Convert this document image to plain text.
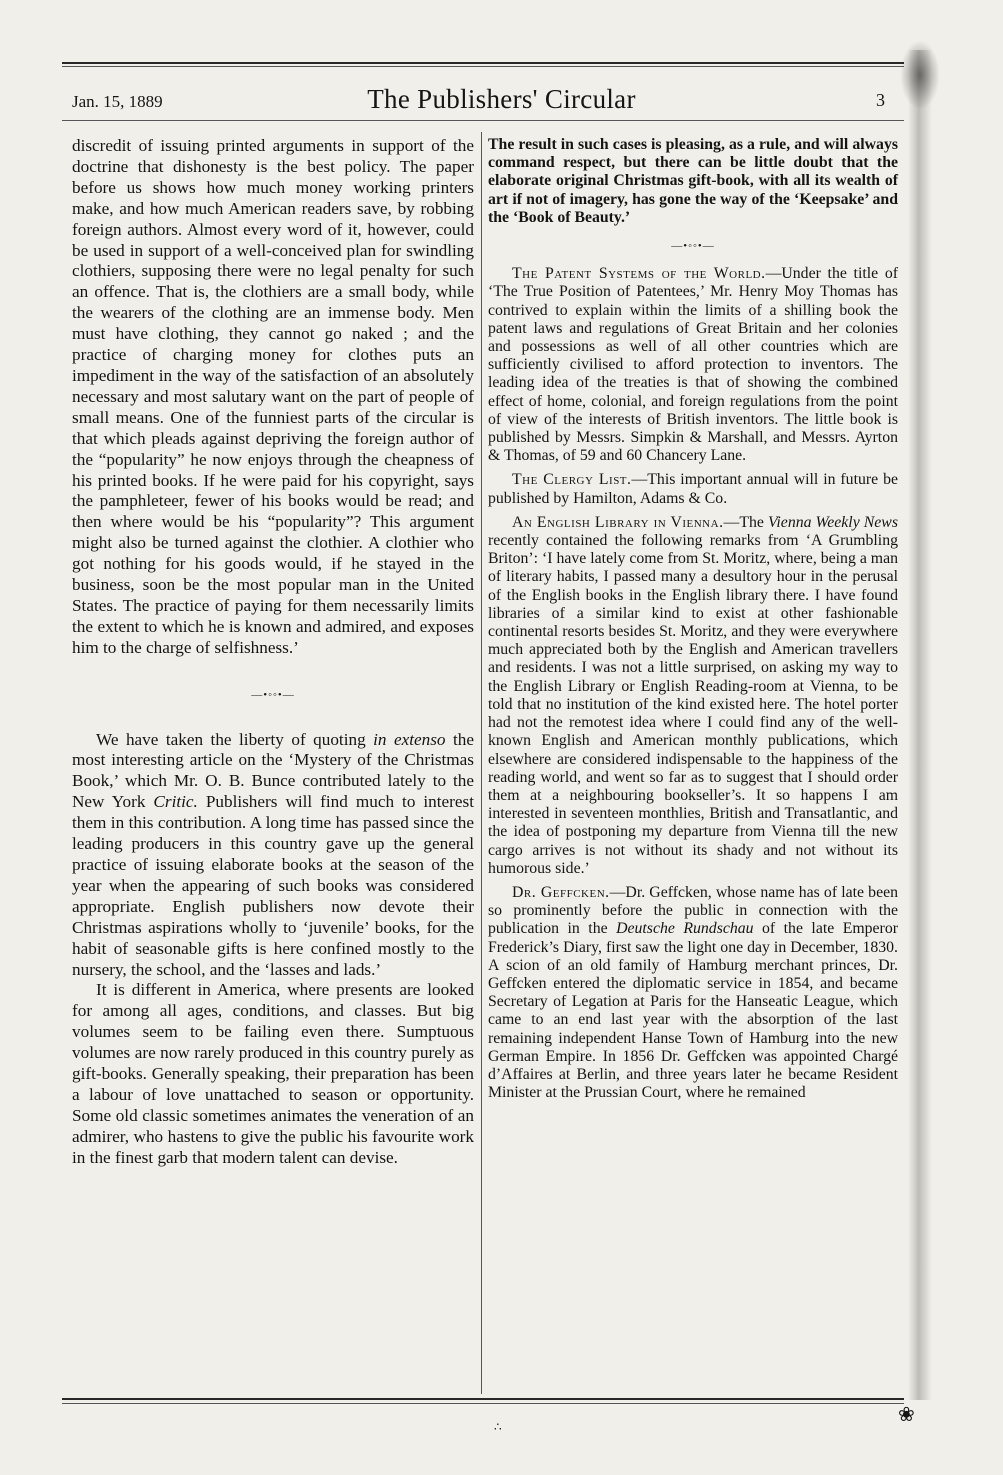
Jan. 15, 1889	The Publishers' Circular	3

discredit of issuing printed arguments in support of the doctrine that dishonesty is the best policy. The paper before us shows how much money working printers make, and how much American readers save, by robbing foreign authors. Almost every word of it, however, could be used in support of a well-conceived plan for swindling clothiers, supposing there were no legal penalty for such an offence. That is, the clothiers are a small body, while the wearers of the clothing are an immense body. Men must have clothing, they cannot go naked ; and the practice of charging money for clothes puts an impediment in the way of the satisfaction of an absolutely necessary and most salutary want on the part of people of small means. One of the funniest parts of the circular is that which pleads against depriving the foreign author of the “popularity” he now enjoys through the cheapness of his printed books. If he were paid for his copyright, says the pamphleteer, fewer of his books would be read; and then where would be his “popularity”? This argument might also be turned against the clothier. A clothier who got nothing for his goods would, if he stayed in the business, soon be the most popular man in the United States. The practice of paying for them necessarily limits the extent to which he is known and admired, and exposes him to the charge of selfishness.’

—•◦◦•—

We have taken the liberty of quoting in extenso the most interesting article on the ‘Mystery of the Christmas Book,’ which Mr. O. B. Bunce contributed lately to the New York Critic. Publishers will find much to interest them in this contribution. A long time has passed since the leading producers in this country gave up the general practice of issuing elaborate books at the season of the year when the appearing of such books was considered appropriate. English publishers now devote their Christmas aspirations wholly to ‘juvenile’ books, for the habit of seasonable gifts is here confined mostly to the nursery, the school, and the ‘lasses and lads.’

It is different in America, where presents are looked for among all ages, conditions, and classes. But big volumes seem to be failing even there. Sumptuous volumes are now rarely produced in this country purely as gift-books. Generally speaking, their preparation has been a labour of love unattached to season or opportunity. Some old classic sometimes animates the veneration of an admirer, who hastens to give the public his favourite work in the finest garb that modern talent can devise.

The result in such cases is pleasing, as a rule, and will always command respect, but there can be little doubt that the elaborate original Christmas gift-book, with all its wealth of art if not of imagery, has gone the way of the ‘Keepsake’ and the ‘Book of Beauty.’

—•◦◦•—

The Patent Systems of the World.—Under the title of ‘The True Position of Patentees,’ Mr. Henry Moy Thomas has contrived to explain within the limits of a shilling book the patent laws and regulations of Great Britain and her colonies and possessions as well of all other countries which are sufficiently civilised to afford protection to inventors. The leading idea of the treaties is that of showing the combined effect of home, colonial, and foreign regulations from the point of view of the interests of British inventors. The little book is published by Messrs. Simpkin & Marshall, and Messrs. Ayrton & Thomas, of 59 and 60 Chancery Lane.

The Clergy List.—This important annual will in future be published by Hamilton, Adams & Co.

An English Library in Vienna.—The Vienna Weekly News recently contained the following remarks from ‘A Grumbling Briton’: ‘I have lately come from St. Moritz, where, being a man of literary habits, I passed many a desultory hour in the perusal of the English books in the English library there. I have found libraries of a similar kind to exist at other fashionable continental resorts besides St. Moritz, and they were everywhere much appreciated both by the English and American travellers and residents. I was not a little surprised, on asking my way to the English Library or English Reading-room at Vienna, to be told that no institution of the kind existed here. The hotel porter had not the remotest idea where I could find any of the well-known English and American monthly publications, which elsewhere are considered indispensable to the happiness of the reading world, and went so far as to suggest that I should order them at a neighbouring bookseller’s. It so happens I am interested in seventeen monthlies, British and Transatlantic, and the idea of postponing my departure from Vienna till the new cargo arrives is not without its shady and not without its humorous side.’

Dr. Geffcken.—Dr. Geffcken, whose name has of late been so prominently before the public in connection with the publication in the Deutsche Rundschau of the late Emperor Frederick’s Diary, first saw the light one day in December, 1830. A scion of an old family of Hamburg merchant princes, Dr. Geffcken entered the diplomatic service in 1854, and became Secretary of Legation at Paris for the Hanseatic League, which came to an end last year with the absorption of the last remaining independent Hanse Town of Hamburg into the new German Empire. In 1856 Dr. Geffcken was appointed Chargé d’Affaires at Berlin, and three years later he became Resident Minister at the Prussian Court, where he remained

❀
∴
